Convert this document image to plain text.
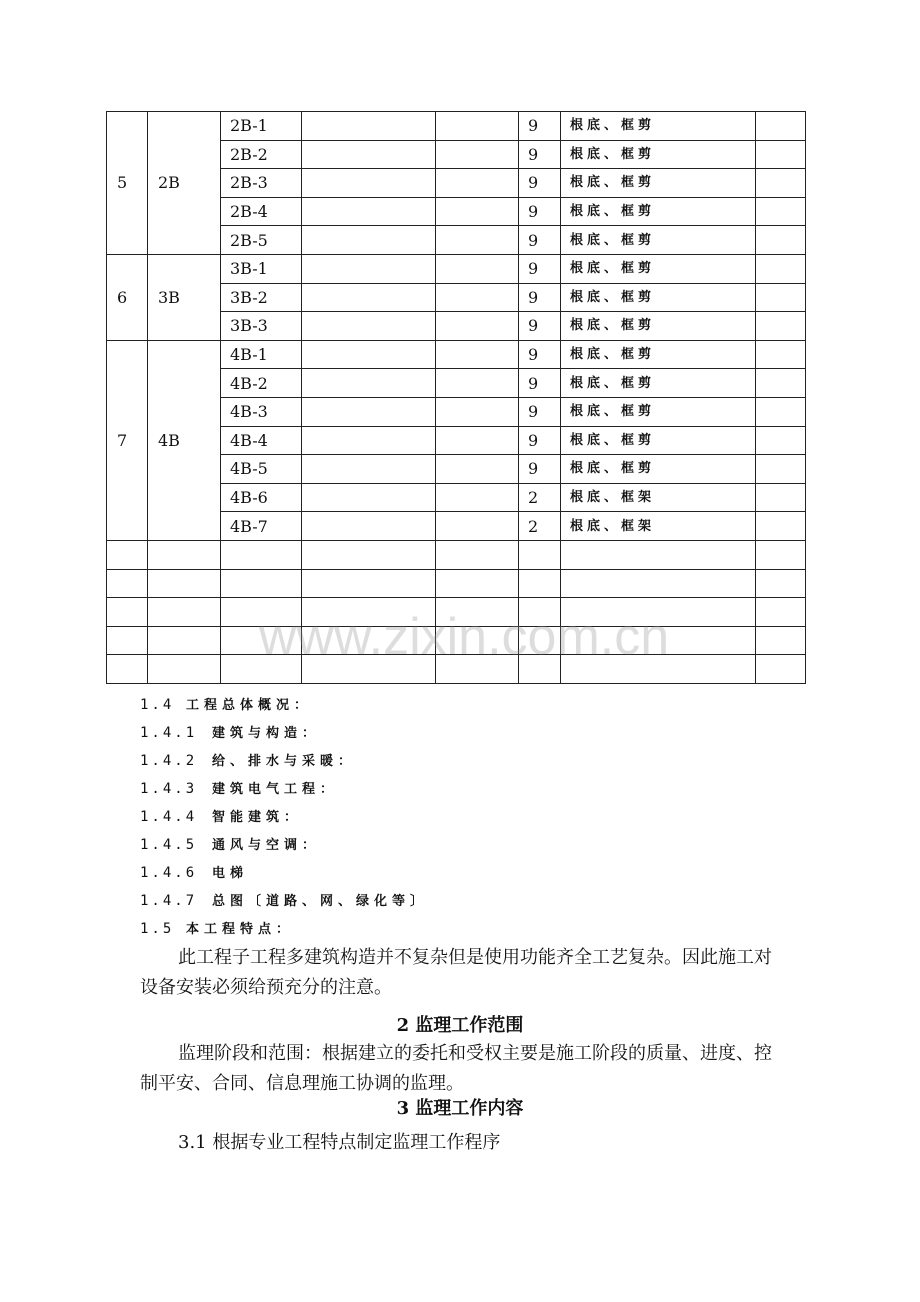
5	2B	2B-1			9	根底、框剪	
		2B-2			9	根底、框剪	
		2B-3			9	根底、框剪	
		2B-4			9	根底、框剪	
		2B-5			9	根底、框剪	
6	3B	3B-1			9	根底、框剪	
		3B-2			9	根底、框剪	
		3B-3			9	根底、框剪	
7	4B	4B-1			9	根底、框剪	
		4B-2			9	根底、框剪	
		4B-3			9	根底、框剪	
		4B-4			9	根底、框剪	
		4B-5			9	根底、框剪	
		4B-6			2	根底、框架	
		4B-7			2	根底、框架	

www.zixin.com.cn
1.4 工程总体概况：
1.4.1 建筑与构造：
1.4.2 给、排水与采暖：
1.4.3 建筑电气工程：
1.4.4 智能建筑：
1.4.5 通风与空调：
1.4.6 电梯
1.4.7 总图〔道路、网、绿化等〕
1.5 本工程特点：
此工程子工程多建筑构造并不复杂但是使用功能齐全工艺复杂。因此施工对设备安装必须给预充分的注意。
2 监理工作范围
监理阶段和范围：根据建立的委托和受权主要是施工阶段的质量、进度、控制平安、合同、信息理施工协调的监理。
3 监理工作内容
3.1 根据专业工程特点制定监理工作程序
